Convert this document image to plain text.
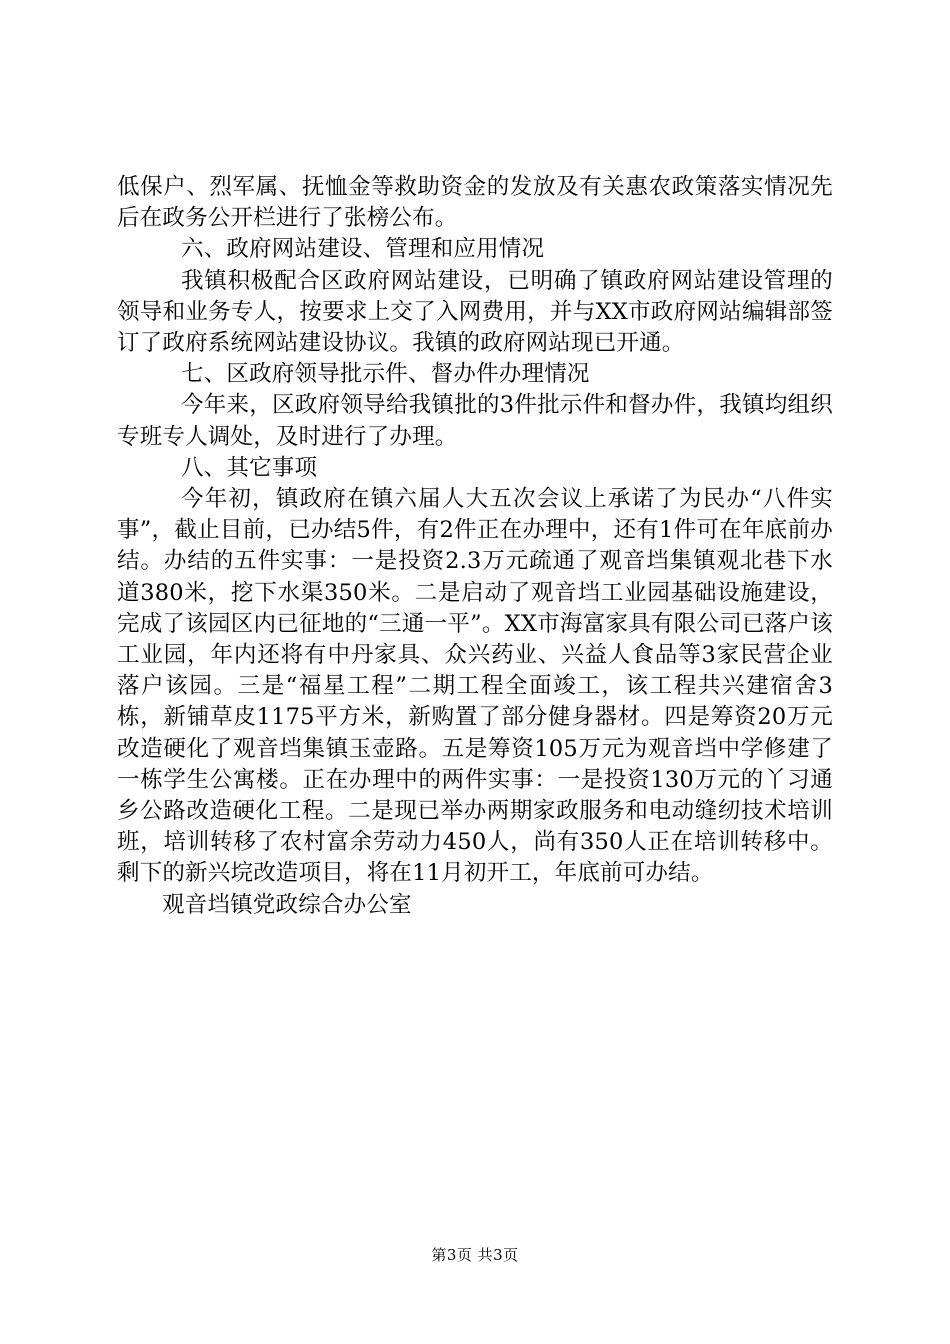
低保户、烈军属、抚恤金等救助资金的发放及有关惠农政策落实情况先后在政务公开栏进行了张榜公布。

六、政府网站建设、管理和应用情况

我镇积极配合区政府网站建设，已明确了镇政府网站建设管理的领导和业务专人，按要求上交了入网费用，并与XX市政府网站编辑部签订了政府系统网站建设协议。我镇的政府网站现已开通。

七、区政府领导批示件、督办件办理情况

今年来，区政府领导给我镇批的3件批示件和督办件，我镇均组织专班专人调处，及时进行了办理。

八、其它事项

今年初，镇政府在镇六届人大五次会议上承诺了为民办“八件实事”，截止目前，已办结5件，有2件正在办理中，还有1件可在年底前办结。办结的五件实事：一是投资2.3万元疏通了观音垱集镇观北巷下水道380米，挖下水渠350米。二是启动了观音垱工业园基础设施建设，完成了该园区内已征地的“三通一平”。XX市海富家具有限公司已落户该工业园，年内还将有中丹家具、众兴药业、兴益人食品等3家民营企业落户该园。三是“福星工程”二期工程全面竣工，该工程共兴建宿舍3栋，新铺草皮1175平方米，新购置了部分健身器材。四是筹资20万元改造硬化了观音垱集镇玉壶路。五是筹资105万元为观音垱中学修建了一栋学生公寓楼。正在办理中的两件实事：一是投资130万元的丫习通乡公路改造硬化工程。二是现已举办两期家政服务和电动缝纫技术培训班，培训转移了农村富余劳动力450人，尚有350人正在培训转移中。剩下的新兴垸改造项目，将在11月初开工，年底前可办结。

观音垱镇党政综合办公室

第3页 共3页
